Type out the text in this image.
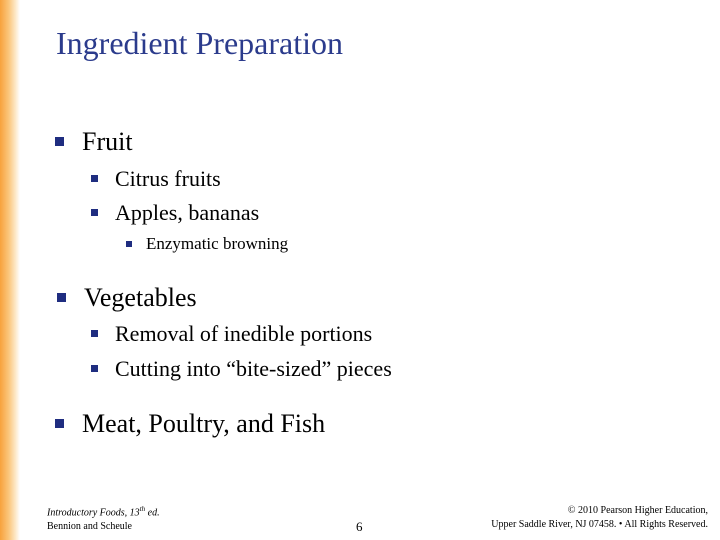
Ingredient Preparation
Fruit
Citrus fruits
Apples, bananas
Enzymatic browning
Vegetables
Removal of inedible portions
Cutting into “bite-sized” pieces
Meat, Poultry, and Fish
Introductory Foods, 13th ed.
Bennion and Scheule	6
© 2010 Pearson Higher Education,
Upper Saddle River, NJ 07458. • All Rights Reserved.
